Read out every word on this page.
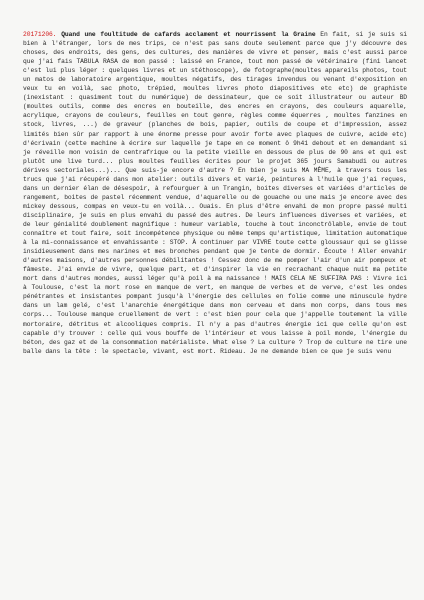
20171206. Quand une foultitude de cafards acclament et nourrissent la Graine En fait, si je suis si bien à l'étranger, lors de mes trips, ce n'est pas sans doute seulement parce que j'y découvre des choses, des endroits, des gens, des cultures, des manières de vivre et penser, mais c'est aussi parce que j'ai fais TABULA RASA de mon passé : laissé en France, tout mon passé de vétérinaire (fini lancet c'est lui plus léger : quelques livres et un stéthoscope), de fotographe(moultes appareils photos, tout un matos de laboratoire argentique, moultes négatifs, des tirages invendus ou venant d'exposition en veux tu en voilà, sac photo, trépied, moultes livres photo diapositives etc etc) de graphiste (inexistant : quasiment tout du numérique) de dessinateur, que ce soit illustrateur ou auteur BD (moultes outils, comme des encres en bouteille, des encres en crayons, des couleurs aquarelle, acrylique, crayons de couleurs, feuilles en tout genre, règles comme équerres , moultes fanzines en stock, livres, ...) de graveur (planches de bois, papier, outils de coupe et d'impression, assez limités bien sûr par rapport à une énorme presse pour avoir forte avec plaques de cuivre, acide etc) d'écrivain (cette machine à écrire sur laquelle je tape en ce moment ô 9h41 debout et en demandant si je réveille mon voisin de centrafrique ou la petite vieille en dessous de plus de 90 ans et qui est plutôt une live turd... plus moultes feuilles écrites pour le projet 365 jours Samabudi ou autres dérives sectoriales...)... Que suis-je encore d'autre ? En bien je suis MA MÊME, à travers tous les trucs que j'ai récupéré dans mon atelier: outils divers et varié, peintures à l'huile que j'ai reçues, dans un dernier élan de désespoir, à refourguer à un Trangin, boites diverses et variées d'articles de rangement, boites de pastel récemment vendue, d'aquarelle ou de gouache ou une mais je encore avec des mickey dessous, compas en veux-tu en voilà... Ouais. En plus d'être envahi de mon propre passé multi disciplinaire, je suis en plus envahi du passé des autres. De leurs influences diverses et variées, et de leur génialité doublement magnifique : humeur variable, touche à tout inconctrôlable, envie de tout connaître et tout faire, soit incompétence physique ou même temps qu'artistique, limitation automatique à la mi-connaissance et envahissante : STOP. À continuer par VIVRE toute cette gloussaur qui se glisse insidieusement dans mes narines et mes bronches pendant que je tente de dormir. Écoute ! Aller envahir d'autres maisons, d'autres personnes débilitantes ! Cessez donc de me pomper l'air d'un air pompeux et fâmeste. J'ai envie de vivre, quelque part, et d'inspirer la vie en recrachant chaque nuit ma petite mort dans d'autres mondes, aussi léger qu'à poil à ma naissance ! MAIS CELA NE SUFFIRA PAS : Vivre ici à Toulouse, c'est la mort rose en manque de vert, en manque de verbes et de verve, c'est les ondes pénétrantes et insistantes pompant jusqu'à l'énergie des cellules en folie comme une minuscule hydre dans un lam gelé, c'est l'anarchie énergétique dans mon cerveau et dans mon corps, dans tous mes corps... Toulouse manque cruellement de vert : c'est bien pour cela que j'appelle toutement la ville mortoraire, détritus et alcooliques compris. Il n'y a pas d'autres énergie ici que celle qu'on est capable d'y trouver : celle qui vous bouffe de l'intérieur et vous laisse à poil monde, l'énergie du béton, des gaz et de la consommation matérialiste. What else ? La culture ? Trop de culture ne tire une balle dans la tête : le spectacle, vivant, est mort. Rideau. Je ne demande bien ce que je suis venu
